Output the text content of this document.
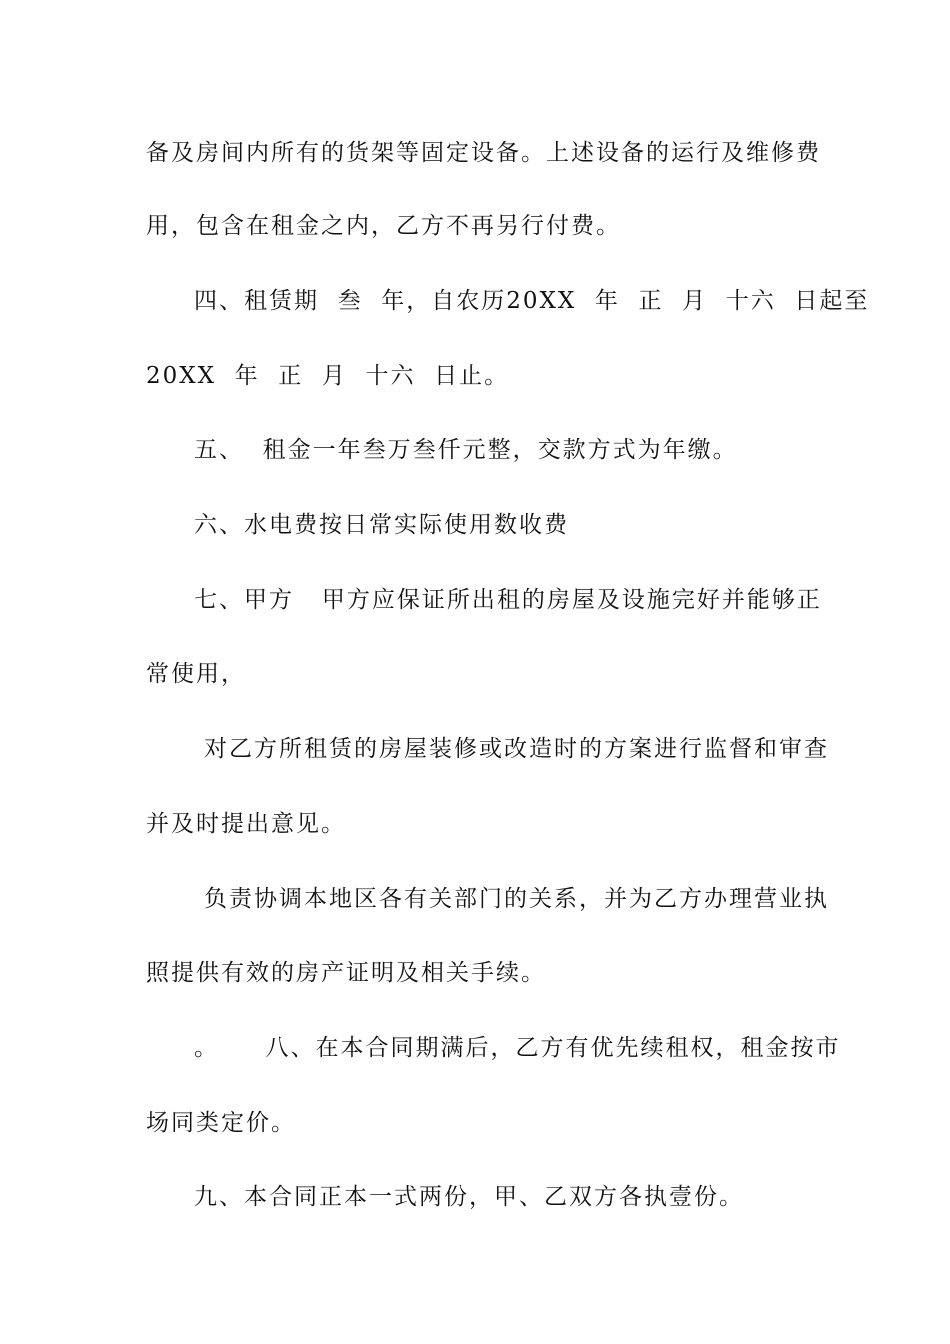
备及房间内所有的货架等固定设备。上述设备的运行及维修费
用，包含在租金之内，乙方不再另行付费。
四、租赁期  叁  年，自农历20XX  年  正  月  十六  日起至
20XX  年  正  月  十六  日止。
五、  租金一年叁万叁仟元整，交款方式为年缴。
六、水电费按日常实际使用数收费
七、甲方   甲方应保证所出租的房屋及设施完好并能够正
常使用，
对乙方所租赁的房屋装修或改造时的方案进行监督和审查
并及时提出意见。
负责协调本地区各有关部门的关系，并为乙方办理营业执
照提供有效的房产证明及相关手续。
。     八、在本合同期满后，乙方有优先续租权，租金按市
场同类定价。
九、本合同正本一式两份，甲、乙双方各执壹份。
